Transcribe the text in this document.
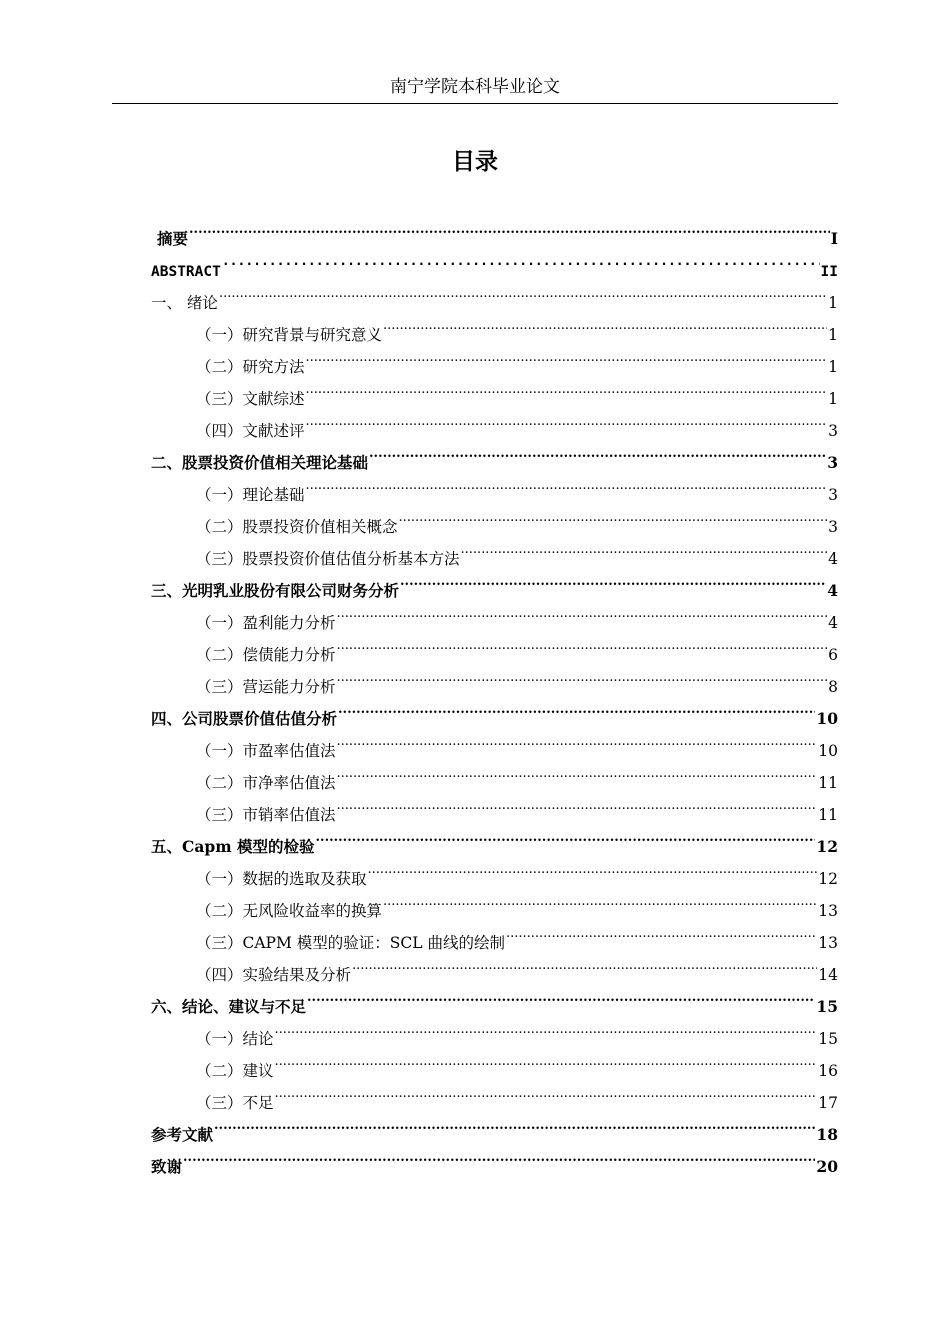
南宁学院本科毕业论文
目录
摘要 .....	I
ABSTRACT .....	II
一、 绪论 .....	1
（一）研究背景与研究意义 .....	1
（二）研究方法 .....	1
（三）文献综述 .....	1
（四）文献述评 .....	3
二、股票投资价值相关理论基础 .....	3
（一）理论基础 .....	3
（二）股票投资价值相关概念 .....	3
（三）股票投资价值估值分析基本方法 .....	4
三、光明乳业股份有限公司财务分析 .....	4
（一）盈利能力分析 .....	4
（二）偿债能力分析 .....	6
（三）营运能力分析 .....	8
四、公司股票价值估值分析 .....	10
（一）市盈率估值法 .....	10
（二）市净率估值法 .....	11
（三）市销率估值法 .....	11
五、Capm 模型的检验 .....	12
（一）数据的选取及获取 .....	12
（二）无风险收益率的换算 .....	13
（三）CAPM 模型的验证：SCL 曲线的绘制 .....	13
（四）实验结果及分析 .....	14
六、结论、建议与不足 .....	15
（一）结论 .....	15
（二）建议 .....	16
（三）不足 .....	17
参考文献 .....	18
致谢 .....	20
